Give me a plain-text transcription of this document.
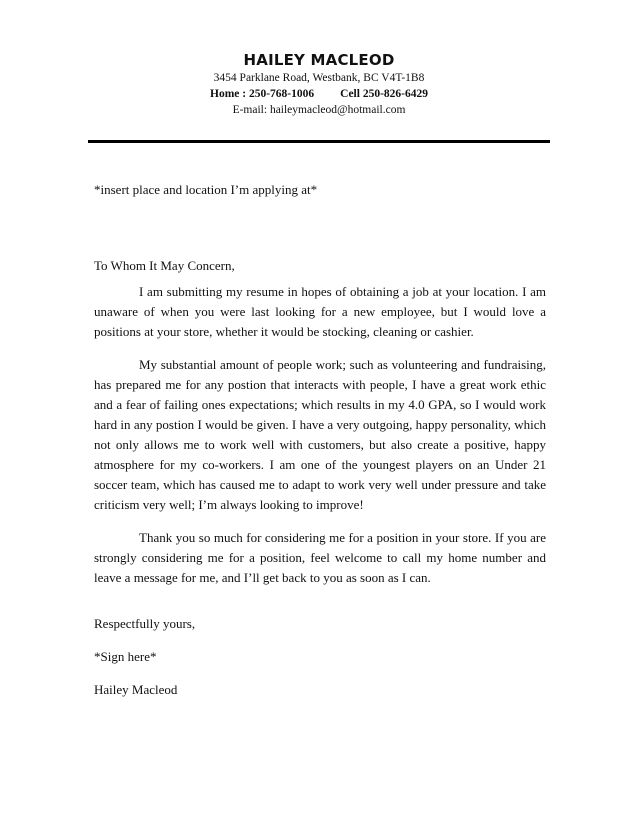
HAILEY MACLEOD

3454 Parklane Road, Westbank, BC V4T-1B8

Home : 250-768-1006 Cell 250-826-6429

E-mail: haileymacleod@hotmail.com

*insert place and location I’m applying at*

To Whom It May Concern,

I am submitting my resume in hopes of obtaining a job at your location. I am unaware of when you were last looking for a new employee, but I would love a positions at your store, whether it would be stocking, cleaning or cashier.

My substantial amount of people work; such as volunteering and fundraising, has prepared me for any postion that interacts with people, I have a great work ethic and a fear of failing ones expectations; which results in my 4.0 GPA, so I would work hard in any postion I would be given. I have a very outgoing, happy personality, which not only allows me to work well with customers, but also create a positive, happy atmosphere for my co-workers. I am one of the youngest players on an Under 21 soccer team, which has caused me to adapt to work very well under pressure and take criticism very well; I’m always looking to improve!

Thank you so much for considering me for a position in your store. If you are strongly considering me for a position, feel welcome to call my home number and leave a message for me, and I’ll get back to you as soon as I can.

Respectfully yours,

*Sign here*

Hailey Macleod
